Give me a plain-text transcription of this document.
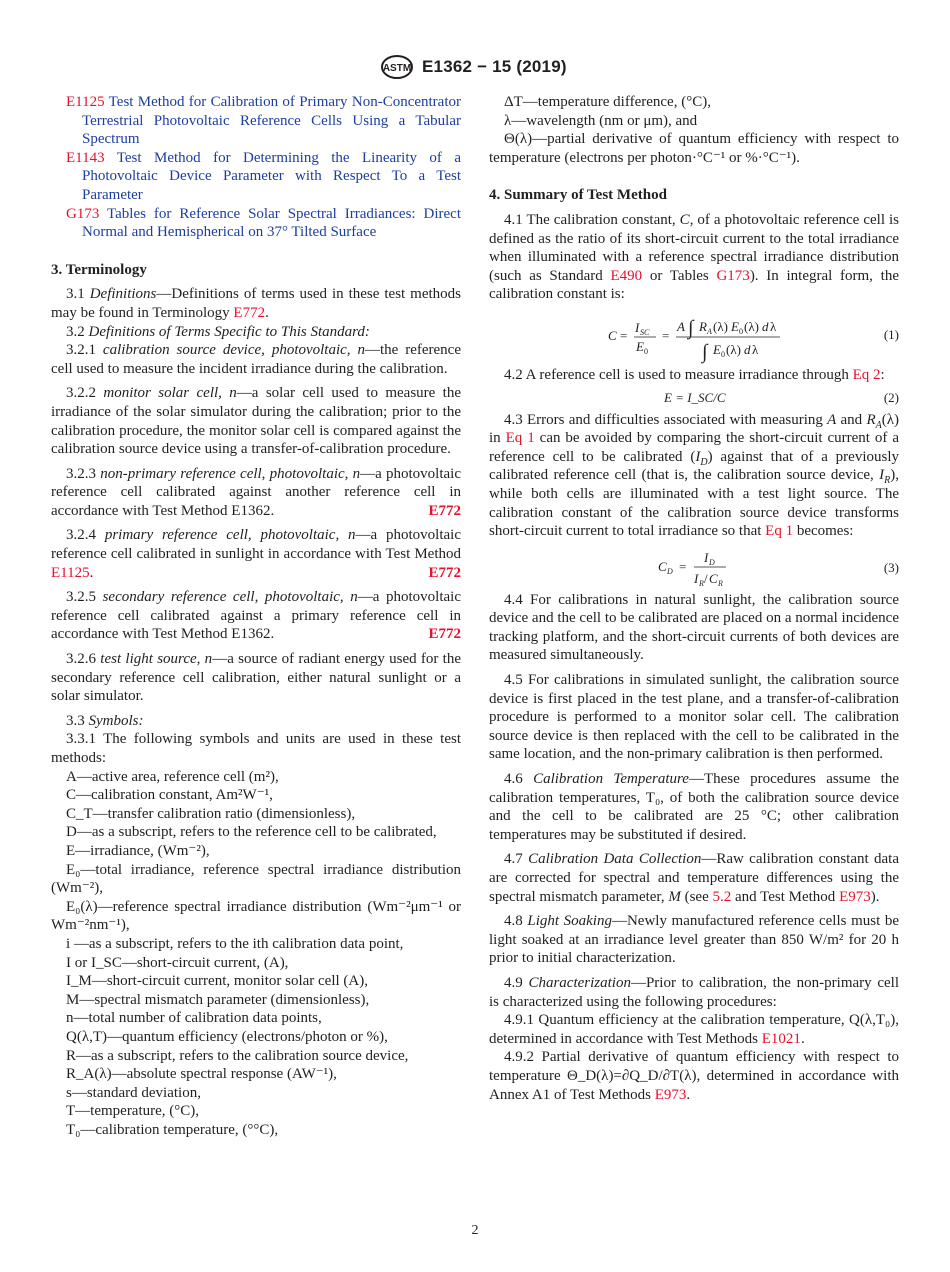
ASTM E1362 − 15 (2019)

E1125 Test Method for Calibration of Primary Non-Concentrator Terrestrial Photovoltaic Reference Cells Using a Tabular Spectrum

E1143 Test Method for Determining the Linearity of a Photovoltaic Device Parameter with Respect To a Test Parameter

G173 Tables for Reference Solar Spectral Irradiances: Direct Normal and Hemispherical on 37° Tilted Surface

3. Terminology

3.1 Definitions—Definitions of terms used in these test methods may be found in Terminology E772.

3.2 Definitions of Terms Specific to This Standard:

3.2.1 calibration source device, photovoltaic, n—the reference cell used to measure the incident irradiance during the calibration.

3.2.2 monitor solar cell, n—a solar cell used to measure the irradiance of the solar simulator during the calibration; prior to the calibration procedure, the monitor solar cell is compared against the calibration source device using a transfer-of-calibration procedure.

3.2.3 non-primary reference cell, photovoltaic, n—a photovoltaic reference cell calibrated against another reference cell in accordance with Test Method E1362.	E772

3.2.4 primary reference cell, photovoltaic, n—a photovoltaic reference cell calibrated in sunlight in accordance with Test Method E1125.	E772

3.2.5 secondary reference cell, photovoltaic, n—a photovoltaic reference cell calibrated against a primary reference cell in accordance with Test Method E1362.	E772

3.2.6 test light source, n—a source of radiant energy used for the secondary reference cell calibration, either natural sunlight or a solar simulator.

3.3 Symbols:

3.3.1 The following symbols and units are used in these test methods:

A—active area, reference cell (m²),

C—calibration constant, Am²W⁻¹,

C_T—transfer calibration ratio (dimensionless),

D—as a subscript, refers to the reference cell to be calibrated,

E—irradiance, (Wm⁻²),

E₀—total irradiance, reference spectral irradiance distribution (Wm⁻²),

E₀(λ)—reference spectral irradiance distribution (Wm⁻²μm⁻¹ or Wm⁻²nm⁻¹),

i —as a subscript, refers to the ith calibration data point,

I or I_SC—short-circuit current, (A),

I_M—short-circuit current, monitor solar cell (A),

M—spectral mismatch parameter (dimensionless),

n—total number of calibration data points,

Q(λ,T)—quantum efficiency (electrons/photon or %),

R—as a subscript, refers to the calibration source device,

R_A(λ)—absolute spectral response (AW⁻¹),

s—standard deviation,

T—temperature, (°C),

T₀—calibration temperature, (°°C),

ΔT—temperature difference, (°C),

λ—wavelength (nm or μm), and

Θ(λ)—partial derivative of quantum efficiency with respect to temperature (electrons per photon·°C⁻¹ or %·°C⁻¹).

4. Summary of Test Method

4.1 The calibration constant, C, of a photovoltaic reference cell is defined as the ratio of its short-circuit current to the total irradiance when illuminated with a reference spectral irradiance distribution (such as Standard E490 or Tables G173). In integral form, the calibration constant is:

C =
I SC
E 0
=
A ∫ R A (λ) E 0 (λ) d λ
∫ E 0 (λ) d λ
(1)

4.2 A reference cell is used to measure irradiance through Eq 2:

E = I_SC/C	(2)

4.3 Errors and difficulties associated with measuring A and $R_A(\lambda)$ in Eq 1 can be avoided by comparing the short-circuit current of a reference cell to be calibrated $(I_D)$ against that of a previously calibrated reference cell (that is, the calibration source device, $I_R$), while both cells are illuminated with a test light source. The calibration constant of the calibration source device transforms short-circuit current to total irradiance so that Eq 1 becomes:

C D =
I D
I R / C R
(3)

4.4 For calibrations in natural sunlight, the calibration source device and the cell to be calibrated are placed on a normal incidence tracking platform, and the short-circuit currents of both devices are measured simultaneously.

4.5 For calibrations in simulated sunlight, the calibration source device is first placed in the test plane, and a transfer-of-calibration procedure is performed to a monitor solar cell. The calibration source device is then replaced with the cell to be calibrated in the same location, and the non-primary calibration is then performed.

4.6 Calibration Temperature—These procedures assume the calibration temperatures, T₀, of both the calibration source device and the cell to be calibrated are 25 °C; other calibration temperatures may be substituted if desired.

4.7 Calibration Data Collection—Raw calibration constant data are corrected for spectral and temperature differences using the spectral mismatch parameter, M (see 5.2 and Test Method E973).

4.8 Light Soaking—Newly manufactured reference cells must be light soaked at an irradiance level greater than 850 W/m² for 20 h prior to initial characterization.

4.9 Characterization—Prior to calibration, the non-primary cell is characterized using the following procedures:

4.9.1 Quantum efficiency at the calibration temperature, Q(λ,T₀), determined in accordance with Test Methods E1021.

4.9.2 Partial derivative of quantum efficiency with respect to temperature Θ_D(λ)=∂Q_D/∂T(λ), determined in accordance with Annex A1 of Test Methods E973.

2
